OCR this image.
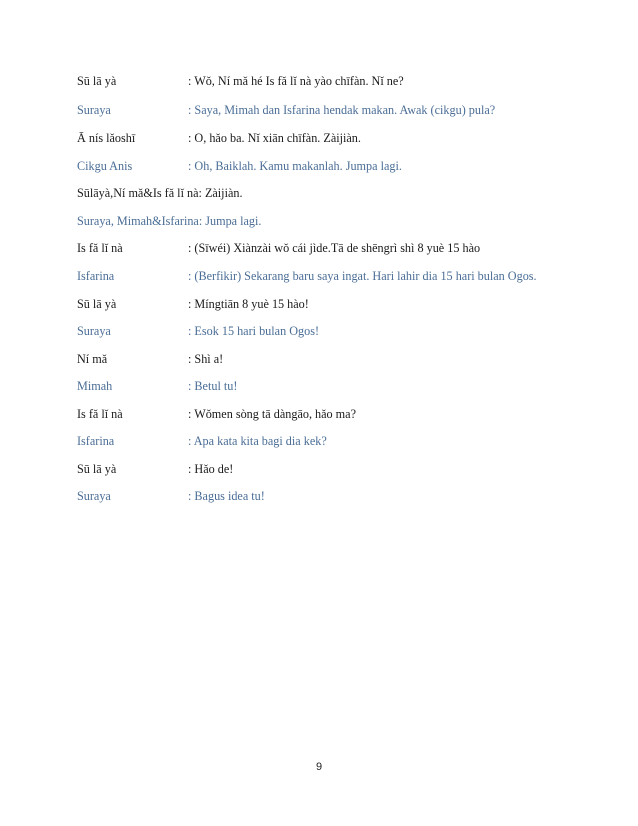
Sū lā yà	: Wǒ, Ní mǎ hé Is fǎ lǐ nà yào chīfàn. Nǐ ne?
Suraya	: Saya, Mimah dan Isfarina hendak makan. Awak (cikgu) pula?
Ā nís lǎoshī	: O, hǎo ba. Nǐ xiān chīfàn. Zàijiàn.
Cikgu Anis	: Oh, Baiklah. Kamu makanlah. Jumpa lagi.
Sūlāyà,Ní mǎ&Is fǎ lǐ nà: Zàijiàn.
Suraya, Mimah&Isfarina: Jumpa lagi.
Is fǎ lǐ nà	: (Sīwéi) Xiànzài wǒ cái jìde.Tā de shēngrì shì 8 yuè 15 hào
Isfarina	: (Berfikir) Sekarang baru saya ingat. Hari lahir dia 15 hari bulan Ogos.
Sū lā yà	: Míngtiān 8 yuè 15 hào!
Suraya	: Esok 15 hari bulan Ogos!
Ní mǎ	: Shì a!
Mimah	: Betul tu!
Is fǎ lǐ nà	: Wǒmen sòng tā dàngāo, hǎo ma?
Isfarina	: Apa kata kita bagi dia kek?
Sū lā yà	: Hǎo de!
Suraya	: Bagus idea tu!
9
